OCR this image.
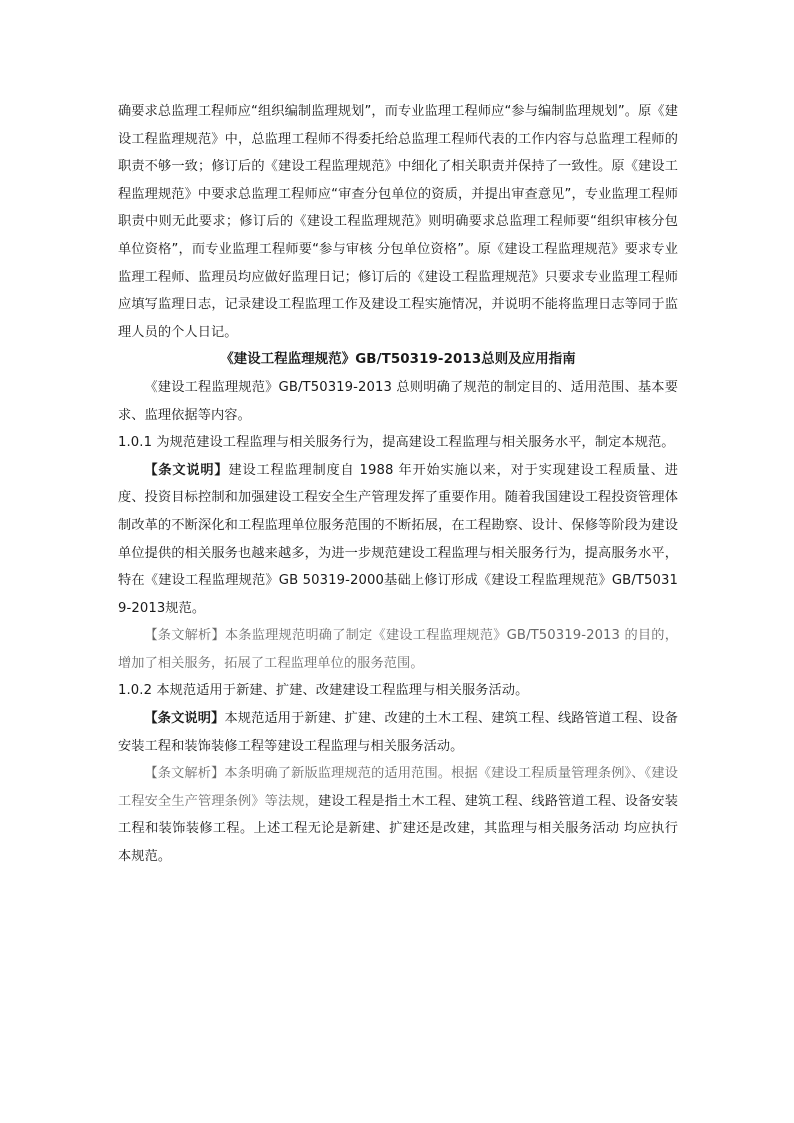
确要求总监理工程师应“组织编制监理规划”，而专业监理工程师应“参与编制监理规划”。原《建设工程监理规范》中，总监理工程师不得委托给总监理工程师代表的工作内容与总监理工程师的职责不够一致；修订后的《建设工程监理规范》中细化了相关职责并保持了一致性。原《建设工程监理规范》中要求总监理工程师应“审查分包单位的资质，并提出审查意见”，专业监理工程师职责中则无此要求；修订后的《建设工程监理规范》则明确要求总监理工程师要“组织审核分包单位资格”，而专业监理工程师要“参与审核 分包单位资格”。原《建设工程监理规范》要求专业监理工程师、监理员均应做好监理日记；修订后的《建设工程监理规范》只要求专业监理工程师应填写监理日志，记录建设工程监理工作及建设工程实施情况，并说明不能将监理日志等同于监理人员的个人日记。

《建设工程监理规范》GB/T50319-2013总则及应用指南

《建设工程监理规范》GB/T50319-2013 总则明确了规范的制定目的、适用范围、基本要求、监理依据等内容。

1.0.1 为规范建设工程监理与相关服务行为，提高建设工程监理与相关服务水平，制定本规范。

【条文说明】建设工程监理制度自 1988 年开始实施以来，对于实现建设工程质量、进度、投资目标控制和加强建设工程安全生产管理发挥了重要作用。随着我国建设工程投资管理体制改革的不断深化和工程监理单位服务范围的不断拓展，在工程勘察、设计、保修等阶段为建设单位提供的相关服务也越来越多，为进一步规范建设工程监理与相关服务行为，提高服务水平，特在《建设工程监理规范》GB 50319-2000基础上修订形成《建设工程监理规范》GB/T50319-2013规范。

【条文解析】本条监理规范明确了制定《建设工程监理规范》GB/T50319-2013 的目的，增加了相关服务，拓展了工程监理单位的服务范围。

1.0.2 本规范适用于新建、扩建、改建建设工程监理与相关服务活动。

【条文说明】本规范适用于新建、扩建、改建的土木工程、建筑工程、线路管道工程、设备安装工程和装饰装修工程等建设工程监理与相关服务活动。

【条文解析】本条明确了新版监理规范的适用范围。根据《建设工程质量管理条例》、《建设工程安全生产管理条例》等法规，建设工程是指土木工程、建筑工程、线路管道工程、设备安装工程和装饰装修工程。上述工程无论是新建、扩建还是改建，其监理与相关服务活动 均应执行本规范。
